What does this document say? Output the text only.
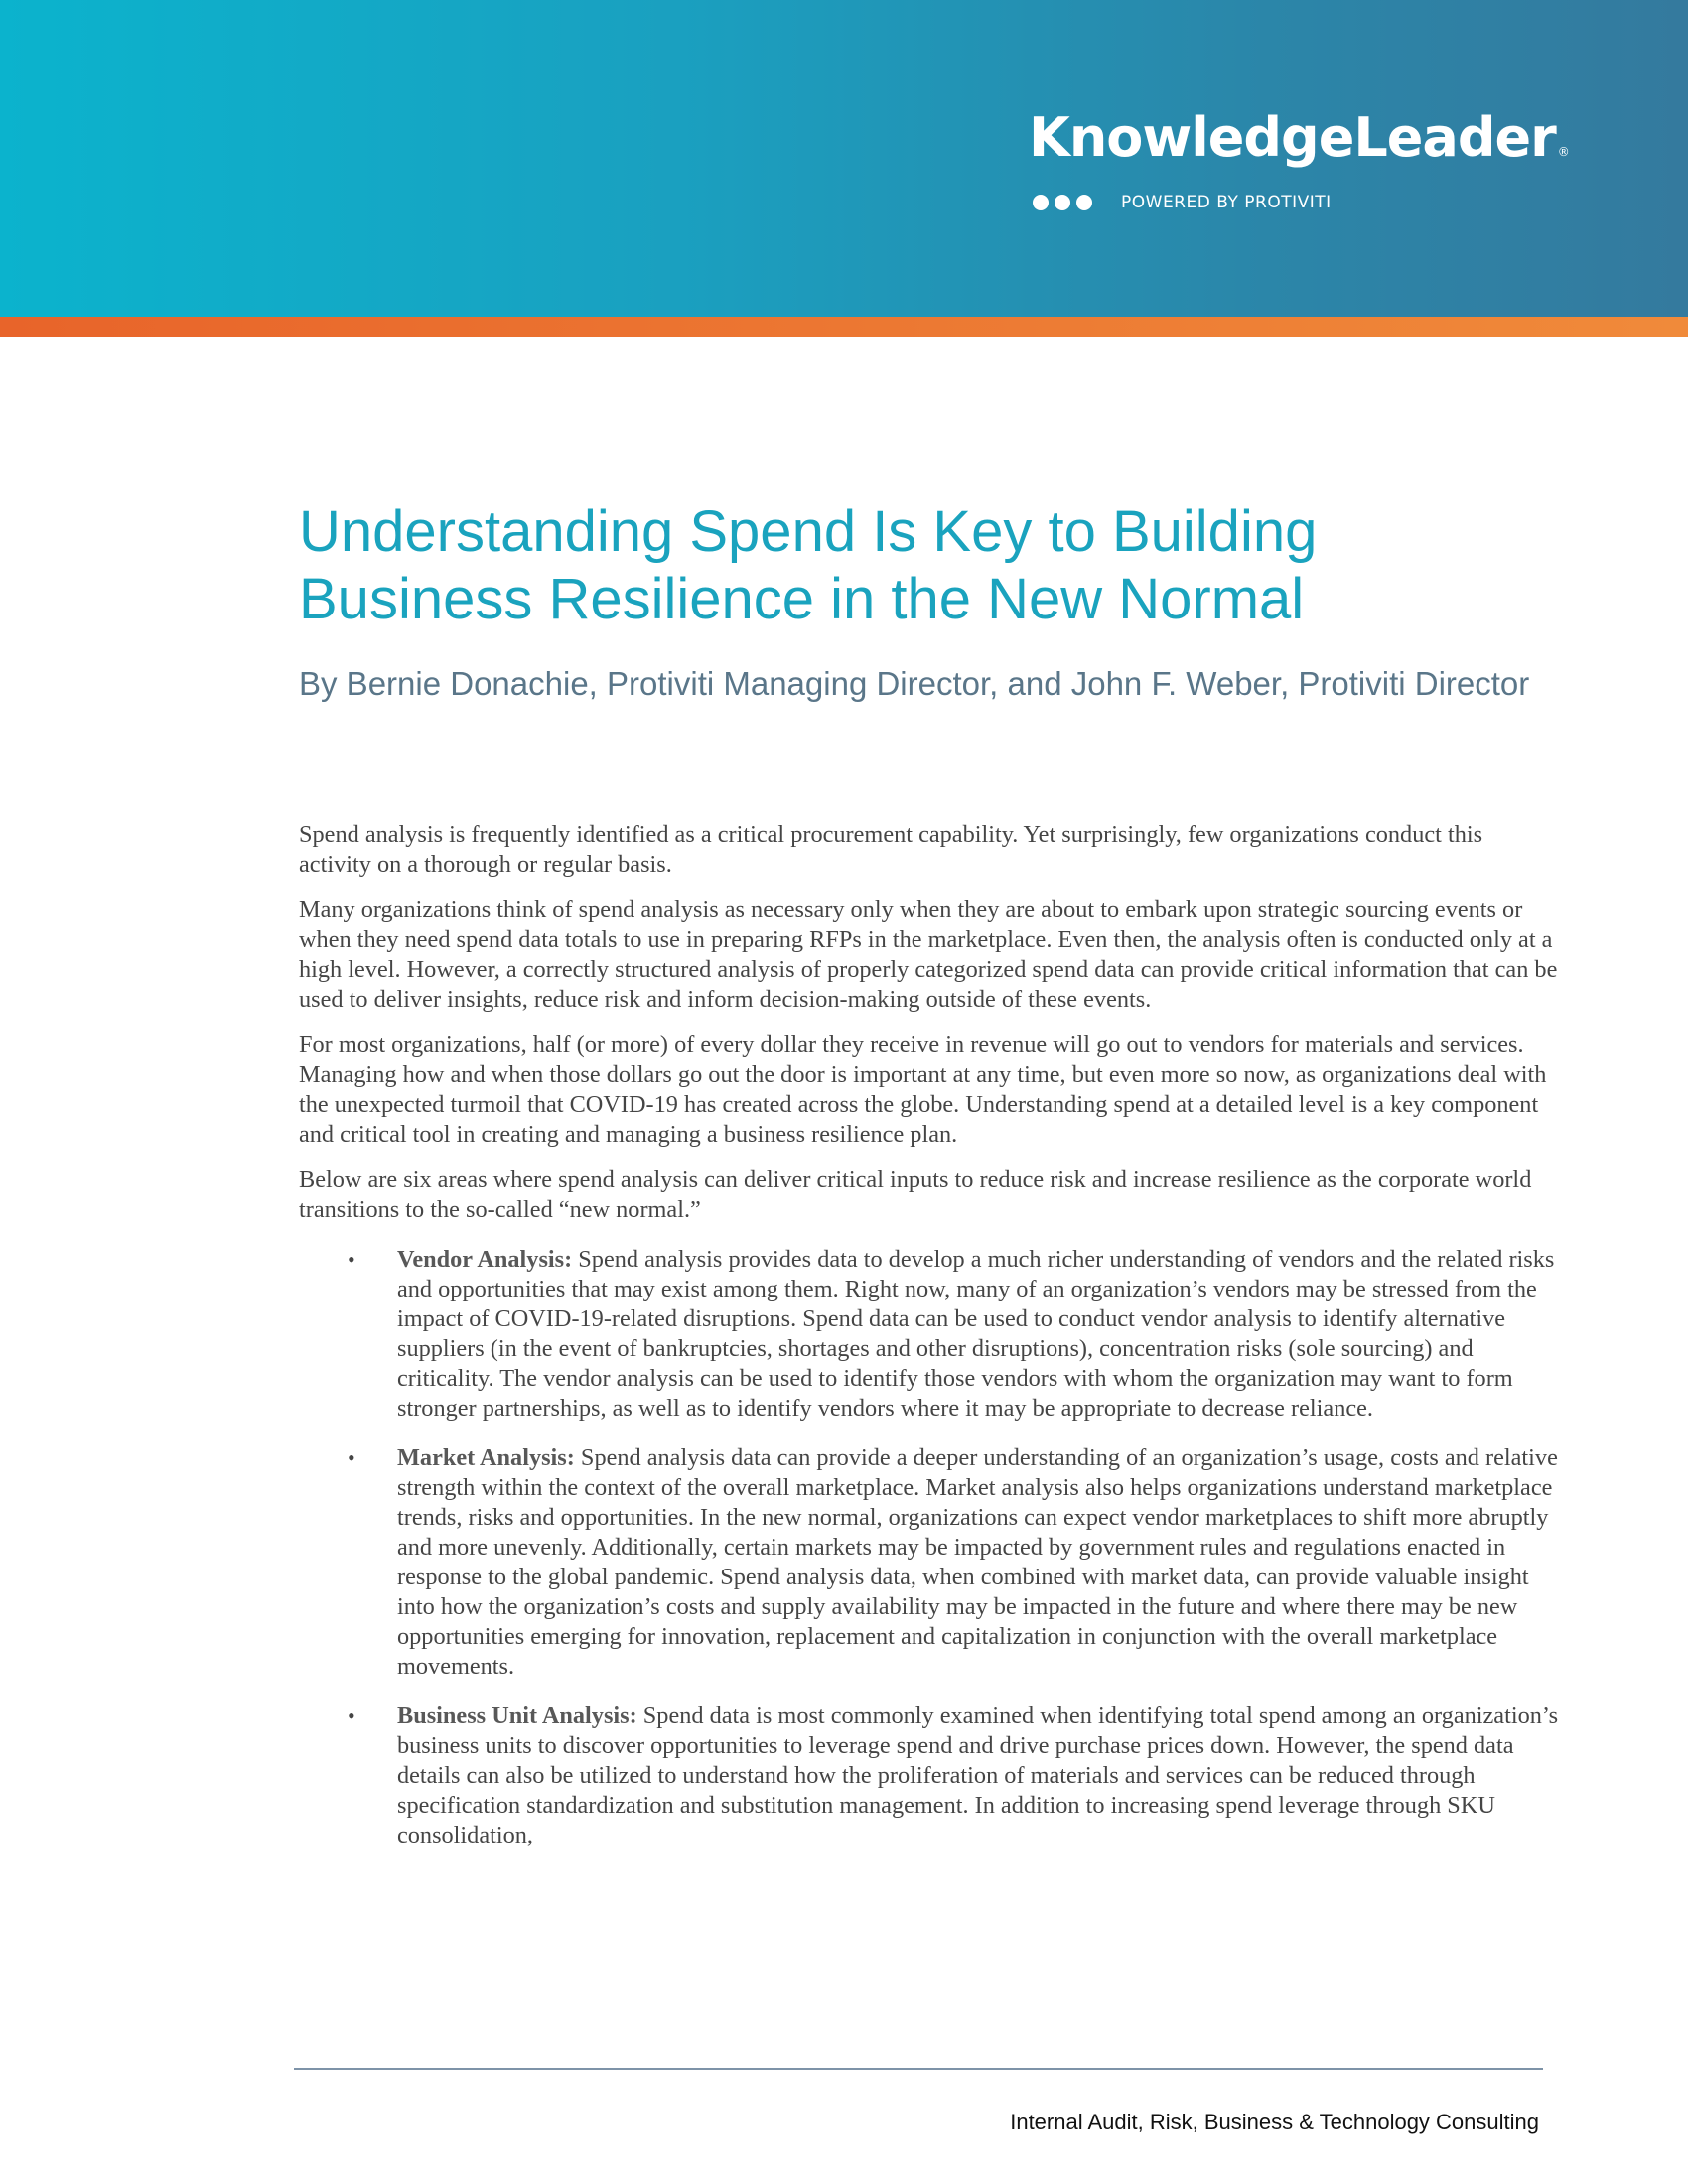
KnowledgeLeader ®
POWERED BY PROTIVITI
Understanding Spend Is Key to Building Business Resilience in the New Normal

By Bernie Donachie, Protiviti Managing Director, and John F. Weber, Protiviti Director

Spend analysis is frequently identified as a critical procurement capability. Yet surprisingly, few organizations conduct this activity on a thorough or regular basis.

Many organizations think of spend analysis as necessary only when they are about to embark upon strategic sourcing events or when they need spend data totals to use in preparing RFPs in the marketplace. Even then, the analysis often is conducted only at a high level. However, a correctly structured analysis of properly categorized spend data can provide critical information that can be used to deliver insights, reduce risk and inform decision-making outside of these events.

For most organizations, half (or more) of every dollar they receive in revenue will go out to vendors for materials and services. Managing how and when those dollars go out the door is important at any time, but even more so now, as organizations deal with the unexpected turmoil that COVID-19 has created across the globe. Understanding spend at a detailed level is a key component and critical tool in creating and managing a business resilience plan.

Below are six areas where spend analysis can deliver critical inputs to reduce risk and increase resilience as the corporate world transitions to the so-called “new normal.”

• Vendor Analysis: Spend analysis provides data to develop a much richer understanding of vendors and the related risks and opportunities that may exist among them. Right now, many of an organization’s vendors may be stressed from the impact of COVID-19-related disruptions. Spend data can be used to conduct vendor analysis to identify alternative suppliers (in the event of bankruptcies, shortages and other disruptions), concentration risks (sole sourcing) and criticality. The vendor analysis can be used to identify those vendors with whom the organization may want to form stronger partnerships, as well as to identify vendors where it may be appropriate to decrease reliance.
• Market Analysis: Spend analysis data can provide a deeper understanding of an organization’s usage, costs and relative strength within the context of the overall marketplace. Market analysis also helps organizations understand marketplace trends, risks and opportunities. In the new normal, organizations can expect vendor marketplaces to shift more abruptly and more unevenly. Additionally, certain markets may be impacted by government rules and regulations enacted in response to the global pandemic. Spend analysis data, when combined with market data, can provide valuable insight into how the organization’s costs and supply availability may be impacted in the future and where there may be new opportunities emerging for innovation, replacement and capitalization in conjunction with the overall marketplace movements.
• Business Unit Analysis: Spend data is most commonly examined when identifying total spend among an organization’s business units to discover opportunities to leverage spend and drive purchase prices down. However, the spend data details can also be utilized to understand how the proliferation of materials and services can be reduced through specification standardization and substitution management. In addition to increasing spend leverage through SKU consolidation,
Internal Audit, Risk, Business & Technology Consulting
